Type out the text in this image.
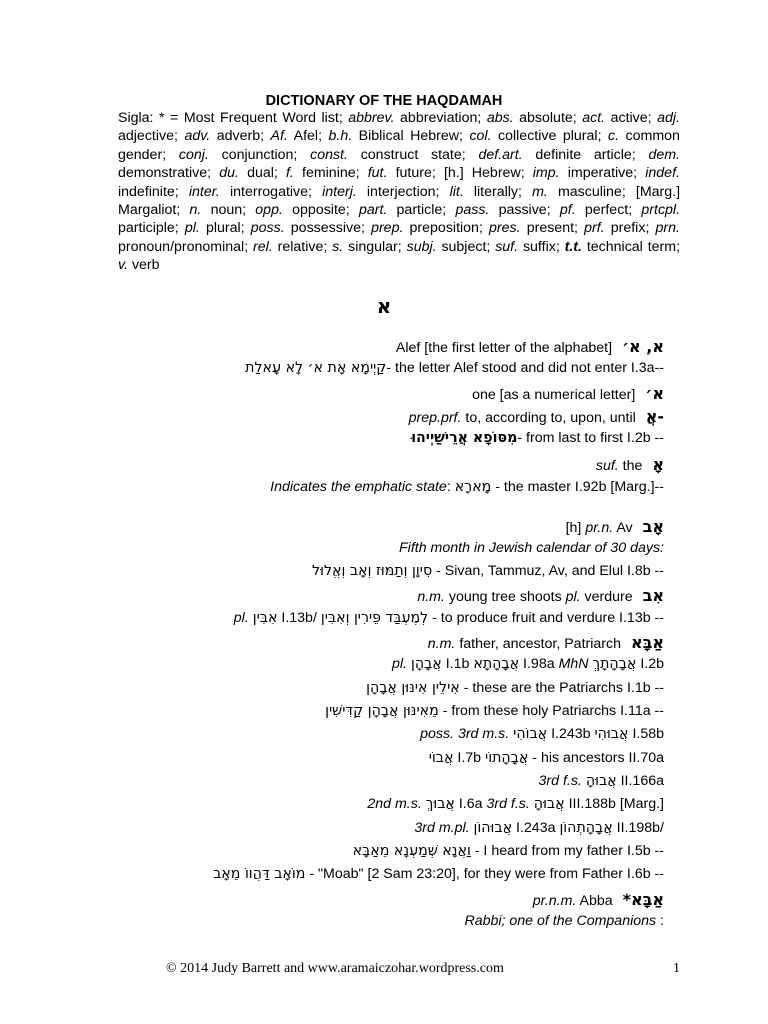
DICTIONARY OF THE HAQDAMAH
Sigla: * = Most Frequent Word list; abbrev. abbreviation; abs. absolute; act. active; adj. adjective; adv. adverb; Af. Afel; b.h. Biblical Hebrew; col. collective plural; c. common gender; conj. conjunction; const. construct state; def.art. definite article; dem. demonstrative; du. dual; f. feminine; fut. future; [h.] Hebrew; imp. imperative; indef. indefinite; inter. interrogative; interj. interjection; lit. literally; m. masculine; [Marg.] Margaliot; n. noun; opp. opposite; part. particle; pass. passive; pf. perfect; prtcpl. participle; pl. plural; poss. possessive; prep. preposition; pres. present; prf. prefix; prn. pronoun/pronominal; rel. relative; s. singular; subj. subject; suf. suffix; t.t. technical term; v. verb
א
Alef [the first letter of the alphabet] א, א׳
קַיְימָא אָת א׳ לָא עָאלַת- the letter Alef stood and did not enter I.3a--
one [as a numerical letter] א׳
prep.prf. to, according to, upon, until -אֲ
מִסּוֹפָא אֲרֵישַׁיְיהוּ- from last to first I.2b --
suf. the אָ
Indicates the emphatic state: מָארָא - the master I.92b [Marg.]--
[h] pr.n. Av אָב
Fifth month in Jewish calendar of 30 days:
סִיוָן וְתַמּוּז וְאָב וְאֱלוּל - Sivan, Tammuz, Av, and Elul I.8b --
n.m. young tree shoots pl. verdure אִב
pl. אִבִּין I.13b/ לְמֶעְבַּד פֵּירִין וְאִבִּין - to produce fruit and verdure I.13b --
n.m. father, ancestor, Patriarch אַבָּא
pl. אֲבָהָן I.1b אֲבָהָתָא I.98a MhN אֲבָהָתָךְ I.2b
אִילֵין אִינּוּן אֲבָהָן - these are the Patriarchs I.1b --
מֵאִינּוּן אֲבָהָן קַדִּישִׁין - from these holy Patriarchs I.11a --
poss. 3rd m.s. אֲבוֹהִי I.243b אֲבוּהִי I.58b
אֲבוֹי I.7b אֲבָהָתוֹי - his ancestors II.70a
3rd f.s. אֲבוּהָ II.166a
2nd m.s. אֲבוּךְ I.6a 3rd f.s. אֲבוּהָ III.188b [Marg.]
3rd m.pl. אֲבוּהוֹן I.243a אֲבָהָתְהוֹן II.198b/
וַאֲנָא שְׁמַעְנָא מֵאַבָּא - I heard from my father I.5b --
מוֹאָב דַּהֲווֹ מֵאָב - "Moab" [2 Sam 23:20], for they were from Father I.6b --
pr.n.m. Abba אַבָּא*
Rabbi; one of the Companions :
© 2014 Judy Barrett and www.aramaiczohar.wordpress.com	1
